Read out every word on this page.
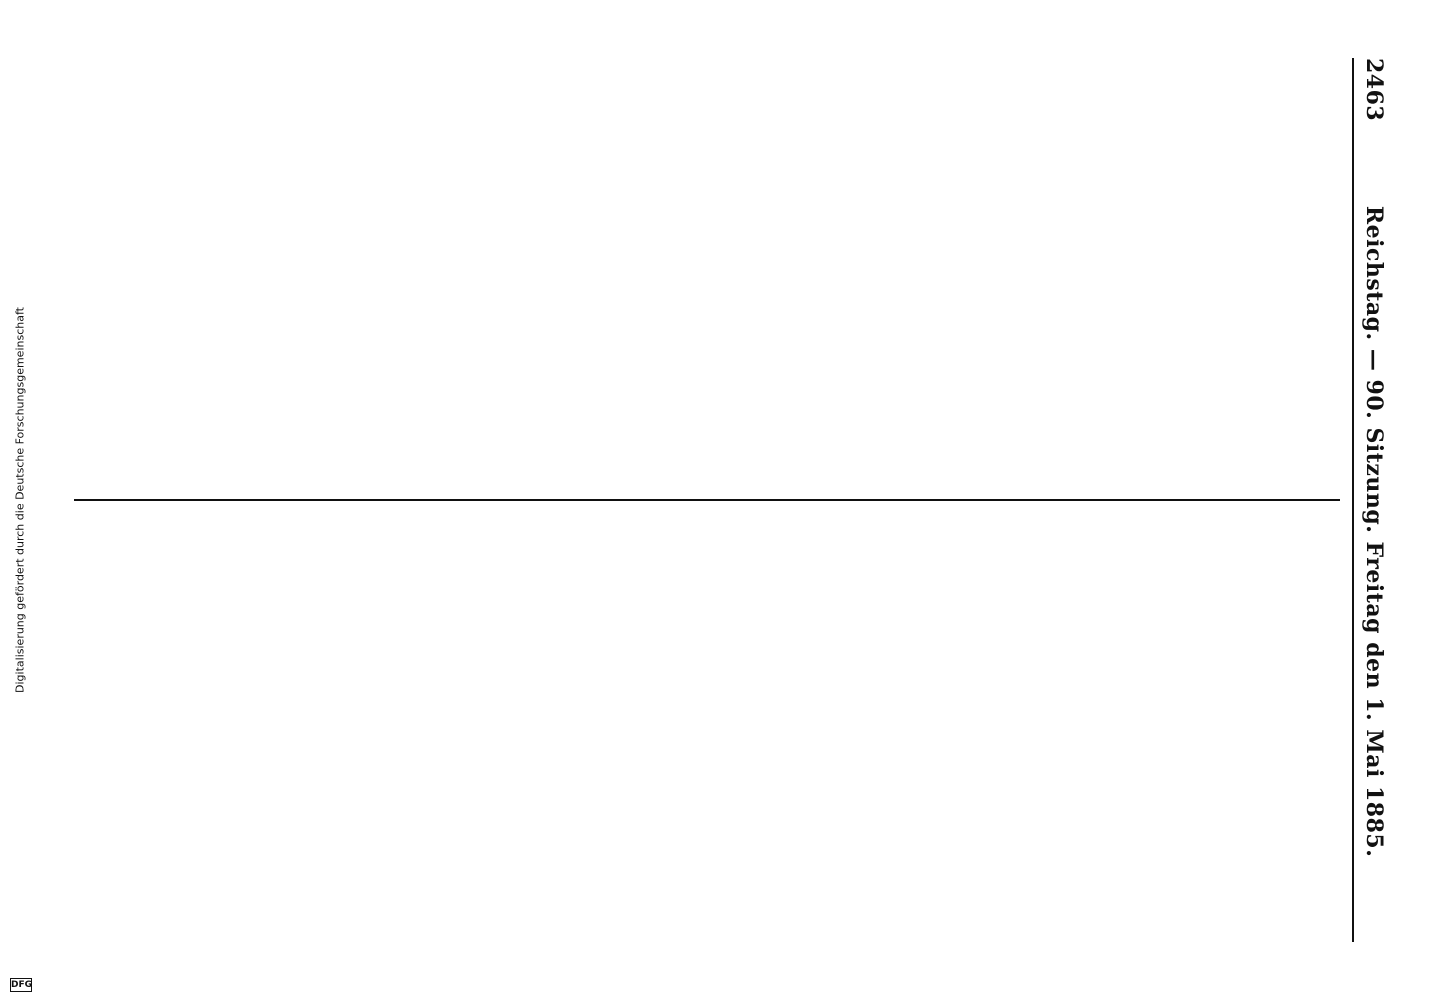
Digitalisierung gefördert durch die Deutsche Forschungsgemeinschaft
DFG
2463
Reichstag. — 90. Sitzung. Freitag den 1. Mai 1885.
